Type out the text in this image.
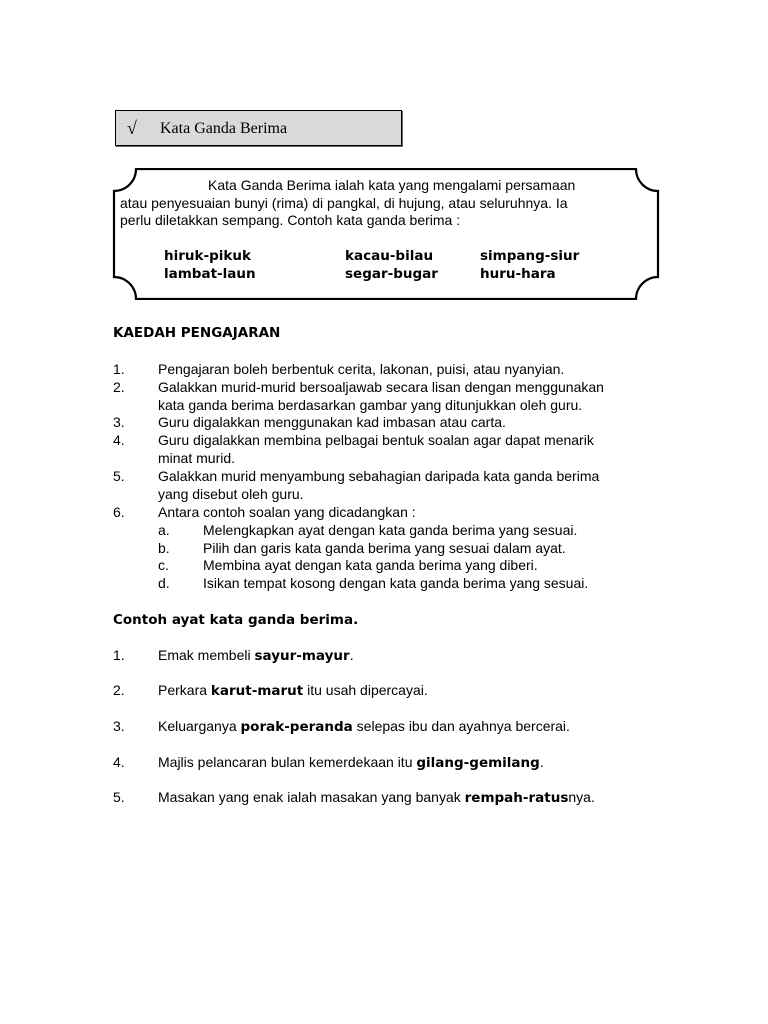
√ Kata Ganda Berima
Kata Ganda Berima ialah kata yang mengalami persamaan
atau penyesuaian bunyi (rima) di pangkal, di hujung, atau seluruhnya. Ia
perlu diletakkan sempang. Contoh kata ganda berima :
hiruk-pikuk	kacau-bilau	simpang-siur
lambat-laun	segar-bugar	huru-hara
KAEDAH PENGAJARAN
1. Pengajaran boleh berbentuk cerita, lakonan, puisi, atau nyanyian.
2. Galakkan murid-murid bersoaljawab secara lisan dengan menggunakan
kata ganda berima berdasarkan gambar yang ditunjukkan oleh guru.
3. Guru digalakkan menggunakan kad imbasan atau carta.
4. Guru digalakkan membina pelbagai bentuk soalan agar dapat menarik
minat murid.
5. Galakkan murid menyambung sebahagian daripada kata ganda berima
yang disebut oleh guru.
6. Antara contoh soalan yang dicadangkan :
a. Melengkapkan ayat dengan kata ganda berima yang sesuai.
b. Pilih dan garis kata ganda berima yang sesuai dalam ayat.
c. Membina ayat dengan kata ganda berima yang diberi.
d. Isikan tempat kosong dengan kata ganda berima yang sesuai.
Contoh ayat kata ganda berima.
1. Emak membeli sayur-mayur.
2. Perkara karut-marut itu usah dipercayai.
3. Keluarganya porak-peranda selepas ibu dan ayahnya bercerai.
4. Majlis pelancaran bulan kemerdekaan itu gilang-gemilang.
5. Masakan yang enak ialah masakan yang banyak rempah-ratusnya.
